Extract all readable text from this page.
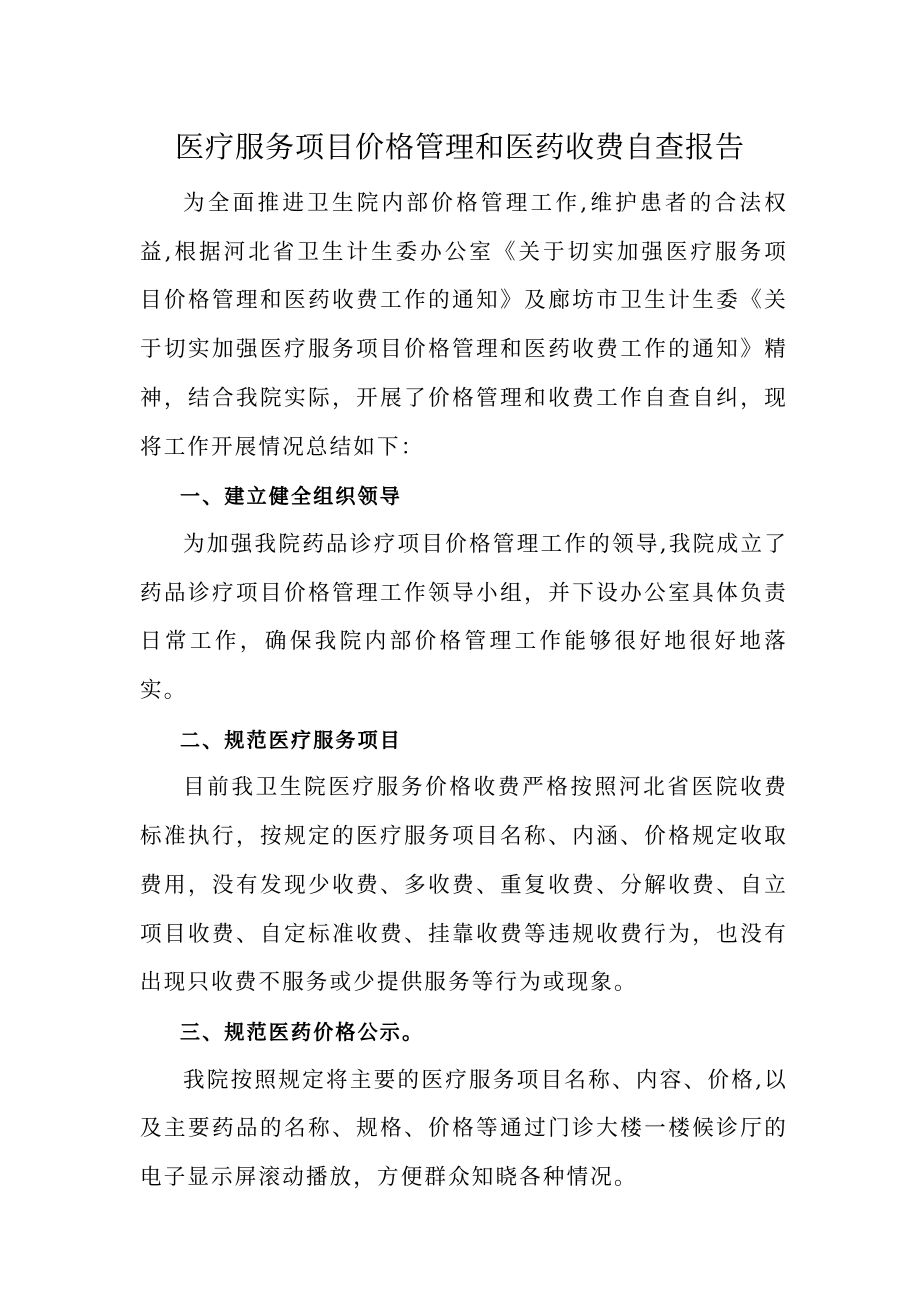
医疗服务项目价格管理和医药收费自查报告

为全面推进卫生院内部价格管理工作,维护患者的合法权益,根据河北省卫生计生委办公室《关于切实加强医疗服务项目价格管理和医药收费工作的通知》及廊坊市卫生计生委《关于切实加强医疗服务项目价格管理和医药收费工作的通知》精神，结合我院实际，开展了价格管理和收费工作自查自纠，现将工作开展情况总结如下：

一、建立健全组织领导

为加强我院药品诊疗项目价格管理工作的领导,我院成立了药品诊疗项目价格管理工作领导小组，并下设办公室具体负责日常工作，确保我院内部价格管理工作能够很好地很好地落实。

二、规范医疗服务项目

目前我卫生院医疗服务价格收费严格按照河北省医院收费标准执行，按规定的医疗服务项目名称、内涵、价格规定收取费用，没有发现少收费、多收费、重复收费、分解收费、自立项目收费、自定标准收费、挂靠收费等违规收费行为，也没有出现只收费不服务或少提供服务等行为或现象。

三、规范医药价格公示。

我院按照规定将主要的医疗服务项目名称、内容、价格,以及主要药品的名称、规格、价格等通过门诊大楼一楼候诊厅的电子显示屏滚动播放，方便群众知晓各种情况。
